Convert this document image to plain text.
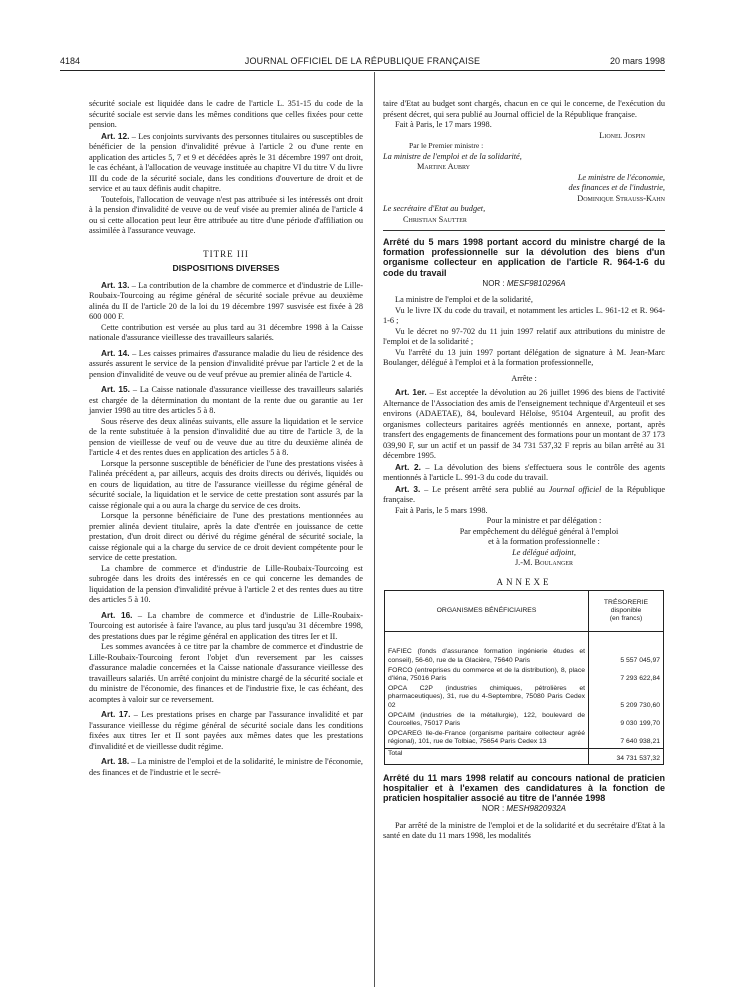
4184	JOURNAL OFFICIEL DE LA RÉPUBLIQUE FRANÇAISE	20 mars 1998

sécurité sociale est liquidée dans le cadre de l'article L. 351-15 du code de la sécurité sociale est servie dans les mêmes conditions que celles fixées pour cette pension.

Art. 12. – Les conjoints survivants des personnes titulaires ou susceptibles de bénéficier de la pension d'invalidité prévue à l'article 2 ou d'une rente en application des articles 5, 7 et 9 et décédées après le 31 décembre 1997 ont droit, le cas échéant, à l'allocation de veuvage instituée au chapitre VI du titre V du livre III du code de la sécurité sociale, dans les conditions d'ouverture de droit et de service et au taux définis audit chapitre.

Toutefois, l'allocation de veuvage n'est pas attribuée si les intéressés ont droit à la pension d'invalidité de veuve ou de veuf visée au premier alinéa de l'article 4 ou si cette allocation peut leur être attribuée au titre d'une période d'affiliation ou assimilée à l'assurance veuvage.

TITRE III
DISPOSITIONS DIVERSES

Art. 13. – La contribution de la chambre de commerce et d'industrie de Lille-Roubaix-Tourcoing au régime général de sécurité sociale prévue au deuxième alinéa du II de l'article 20 de la loi du 19 décembre 1997 susvisée est fixée à 28 600 000 F.

Cette contribution est versée au plus tard au 31 décembre 1998 à la Caisse nationale d'assurance vieillesse des travailleurs salariés.

Art. 14. – Les caisses primaires d'assurance maladie du lieu de résidence des assurés assurent le service de la pension d'invalidité prévue par l'article 2 et de la pension d'invalidité de veuve ou de veuf prévue au premier alinéa de l'article 4.

Art. 15. – La Caisse nationale d'assurance vieillesse des travailleurs salariés est chargée de la détermination du montant de la rente due ou garantie au 1er janvier 1998 au titre des articles 5 à 8.

Sous réserve des deux alinéas suivants, elle assure la liquidation et le service de la rente substituée à la pension d'invalidité due au titre de l'article 3, de la pension de vieillesse de veuf ou de veuve due au titre du deuxième alinéa de l'article 4 et des rentes dues en application des articles 5 à 8.

Lorsque la personne susceptible de bénéficier de l'une des prestations visées à l'alinéa précédent a, par ailleurs, acquis des droits directs ou dérivés, liquidés ou en cours de liquidation, au titre de l'assurance vieillesse du régime général de sécurité sociale, la liquidation et le service de cette prestation sont assurés par la caisse régionale qui a ou aura la charge du service de ces droits.

Lorsque la personne bénéficiaire de l'une des prestations mentionnées au premier alinéa devient titulaire, après la date d'entrée en jouissance de cette prestation, d'un droit direct ou dérivé du régime général de sécurité sociale, la caisse régionale qui a la charge du service de ce droit devient compétente pour le service de cette prestation.

La chambre de commerce et d'industrie de Lille-Roubaix-Tourcoing est subrogée dans les droits des intéressés en ce qui concerne les demandes de liquidation de la pension d'invalidité prévue à l'article 2 et des rentes dues au titre des articles 5 à 10.

Art. 16. – La chambre de commerce et d'industrie de Lille-Roubaix-Tourcoing est autorisée à faire l'avance, au plus tard jusqu'au 31 décembre 1998, des prestations dues par le régime général en application des titres Ier et II.

Les sommes avancées à ce titre par la chambre de commerce et d'industrie de Lille-Roubaix-Tourcoing feront l'objet d'un reversement par les caisses d'assurance maladie concernées et la Caisse nationale d'assurance vieillesse des travailleurs salariés. Un arrêté conjoint du ministre chargé de la sécurité sociale et du ministre de l'économie, des finances et de l'industrie fixe, le cas échéant, des acomptes à valoir sur ce reversement.

Art. 17. – Les prestations prises en charge par l'assurance invalidité et par l'assurance vieillesse du régime général de sécurité sociale dans les conditions fixées aux titres Ier et II sont payées aux mêmes dates que les prestations d'invalidité et de vieillesse dudit régime.

Art. 18. – La ministre de l'emploi et de la solidarité, le ministre de l'économie, des finances et de l'industrie et le secré-

taire d'Etat au budget sont chargés, chacun en ce qui le concerne, de l'exécution du présent décret, qui sera publié au Journal officiel de la République française.

Fait à Paris, le 17 mars 1998.

Lionel Jospin

Par le Premier ministre :

La ministre de l'emploi et de la solidarité,

Martine Aubry

Le ministre de l'économie,

des finances et de l'industrie,

Dominique Strauss-Kahn

Le secrétaire d'Etat au budget,

Christian Sautter

Arrêté du 5 mars 1998 portant accord du ministre chargé de la formation professionnelle sur la dévolution des biens d'un organisme collecteur en application de l'article R. 964-1-6 du code du travail
NOR : MESF9810296A

La ministre de l'emploi et de la solidarité,

Vu le livre IX du code du travail, et notamment les articles L. 961-12 et R. 964-1-6 ;

Vu le décret no 97-702 du 11 juin 1997 relatif aux attributions du ministre de l'emploi et de la solidarité ;

Vu l'arrêté du 13 juin 1997 portant délégation de signature à M. Jean-Marc Boulanger, délégué à l'emploi et à la formation professionnelle,

Arrête :

Art. 1er. – Est acceptée la dévolution au 26 juillet 1996 des biens de l'activité Alternance de l'Association des amis de l'enseignement technique d'Argenteuil et ses environs (ADAETAE), 84, boulevard Héloïse, 95104 Argenteuil, au profit des organismes collecteurs paritaires agréés mentionnés en annexe, portant, après transfert des engagements de financement des formations pour un montant de 37 173 039,90 F, sur un actif et un passif de 34 731 537,32 F repris au bilan arrêté au 31 décembre 1995.

Art. 2. – La dévolution des biens s'effectuera sous le contrôle des agents mentionnés à l'article L. 991-3 du code du travail.

Art. 3. – Le présent arrêté sera publié au Journal officiel de la République française.

Fait à Paris, le 5 mars 1998.

Pour la ministre et par délégation :

Par empêchement du délégué général à l'emploi

et à la formation professionnelle :

Le délégué adjoint,

J.-M. Boulanger

ANNEXE
ORGANISMES BÉNÉFICIAIRES	TRÉSORERIE
disponible
(en francs)
FAFIEC (fonds d'assurance formation ingénierie études et conseil), 56-60, rue de la Glacière, 75640 Paris	5 557 045,97
FORCO (entreprises du commerce et de la distribution), 8, place d'Iéna, 75016 Paris	7 293 622,84
OPCA C2P (industries chimiques, pétrolières et pharmaceutiques), 31, rue du 4-Septembre, 75080 Paris Cedex 02	5 209 730,60
OPCAIM (industries de la métallurgie), 122, boulevard de Courcelles, 75017 Paris	9 030 199,70
OPCAREG Ile-de-France (organisme paritaire collecteur agréé régional), 101, rue de Tolbiac, 75654 Paris Cedex 13	7 640 938,21
Total	34 731 537,32
Arrêté du 11 mars 1998 relatif au concours national de praticien hospitalier et à l'examen des candidatures à la fonction de praticien hospitalier associé au titre de l'année 1998
NOR : MESH9820932A

Par arrêté de la ministre de l'emploi et de la solidarité et du secrétaire d'Etat à la santé en date du 11 mars 1998, les modalités
